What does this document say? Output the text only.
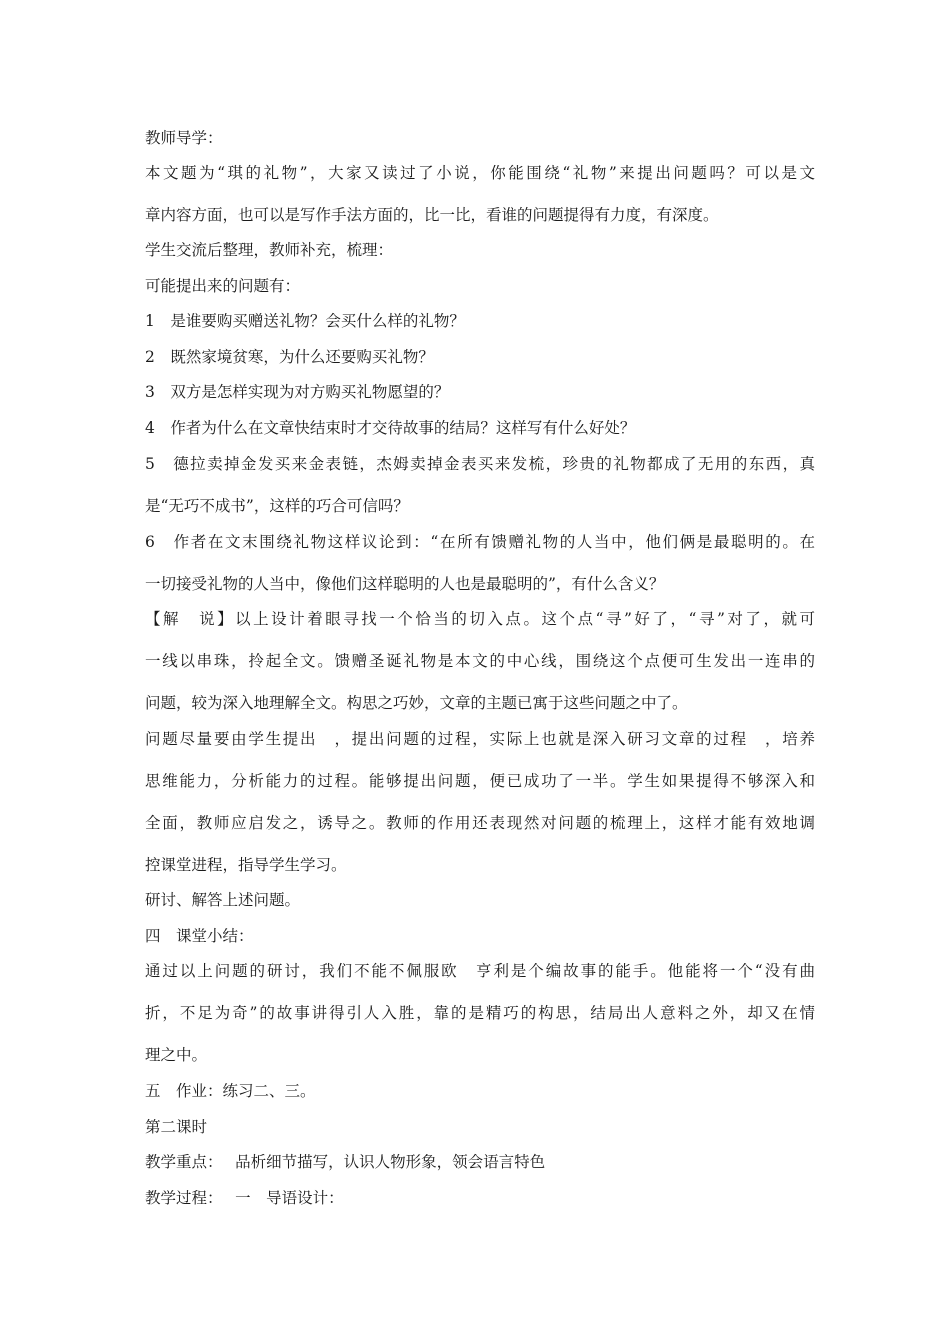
教师导学：
本文题为“琪的礼物”，大家又读过了小说，你能围绕“礼物”来提出问题吗？可以是文
章内容方面，也可以是写作手法方面的，比一比，看谁的问题提得有力度，有深度。
学生交流后整理，教师补充，梳理：
可能提出来的问题有：
1　是谁要购买赠送礼物？会买什么样的礼物？
2　既然家境贫寒，为什么还要购买礼物？
3　双方是怎样实现为对方购买礼物愿望的？
4　作者为什么在文章快结束时才交待故事的结局？这样写有什么好处？
5　德拉卖掉金发买来金表链，杰姆卖掉金表买来发梳，珍贵的礼物都成了无用的东西，真
是“无巧不成书”，这样的巧合可信吗？
6　作者在文末围绕礼物这样议论到：“在所有馈赠礼物的人当中，他们俩是最聪明的。在
一切接受礼物的人当中，像他们这样聪明的人也是最聪明的”，有什么含义？
【解　说】以上设计着眼寻找一个恰当的切入点。这个点“寻”好了，“寻”对了，就可
一线以串珠，拎起全文。馈赠圣诞礼物是本文的中心线，围绕这个点便可生发出一连串的
问题，较为深入地理解全文。构思之巧妙，文章的主题已寓于这些问题之中了。
问题尽量要由学生提出　，提出问题的过程，实际上也就是深入研习文章的过程　，培养
思维能力，分析能力的过程。能够提出问题，便已成功了一半。学生如果提得不够深入和
全面，教师应启发之，诱导之。教师的作用还表现然对问题的梳理上，这样才能有效地调
控课堂进程，指导学生学习。
研讨、解答上述问题。
四　课堂小结：
通过以上问题的研讨，我们不能不佩服欧　亨利是个编故事的能手。他能将一个“没有曲
折，不足为奇”的故事讲得引人入胜，靠的是精巧的构思，结局出人意料之外，却又在情
理之中。
五　作业：练习二、三。
第二课时
教学重点：　 品析细节描写，认识人物形象，领会语言特色
教学过程：　 一　导语设计：
